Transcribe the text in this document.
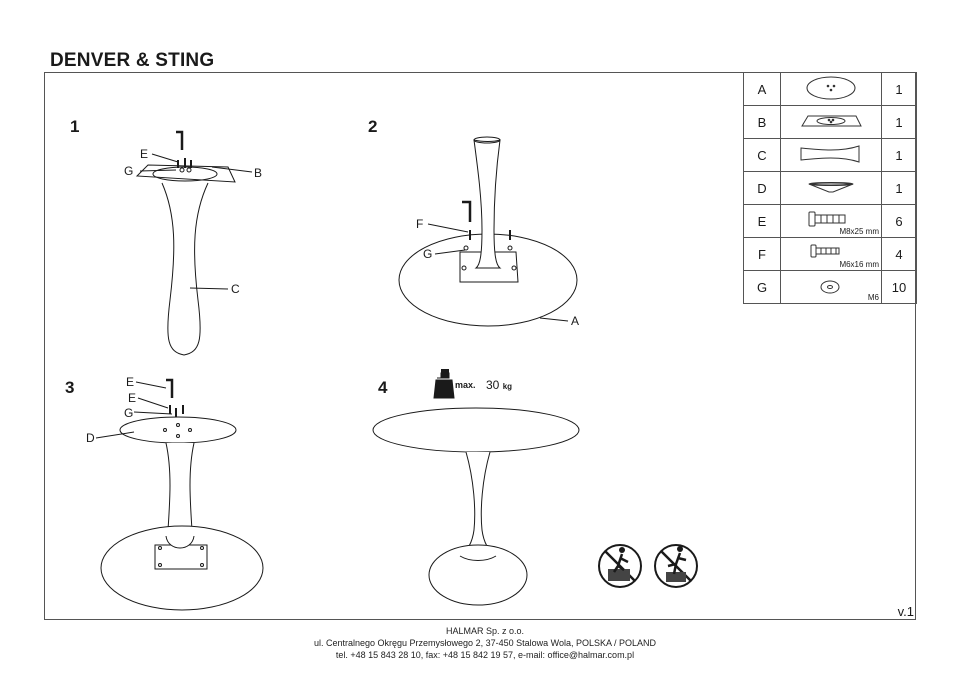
DENVER & STING
1	2
3	4
E
G	B
C
F
G
A
E
E
G
D
max. 30 kg
A		1
B		1
C		1
D		1
E	M8x25 mm	6
F	M6x16 mm	4
G	M6	10
v.1
HALMAR Sp. z o.o.
ul. Centralnego Okręgu Przemysłowego 2, 37-450 Stalowa Wola, POLSKA / POLAND
tel. +48 15 843 28 10, fax: +48 15 842 19 57, e-mail: office@halmar.com.pl
